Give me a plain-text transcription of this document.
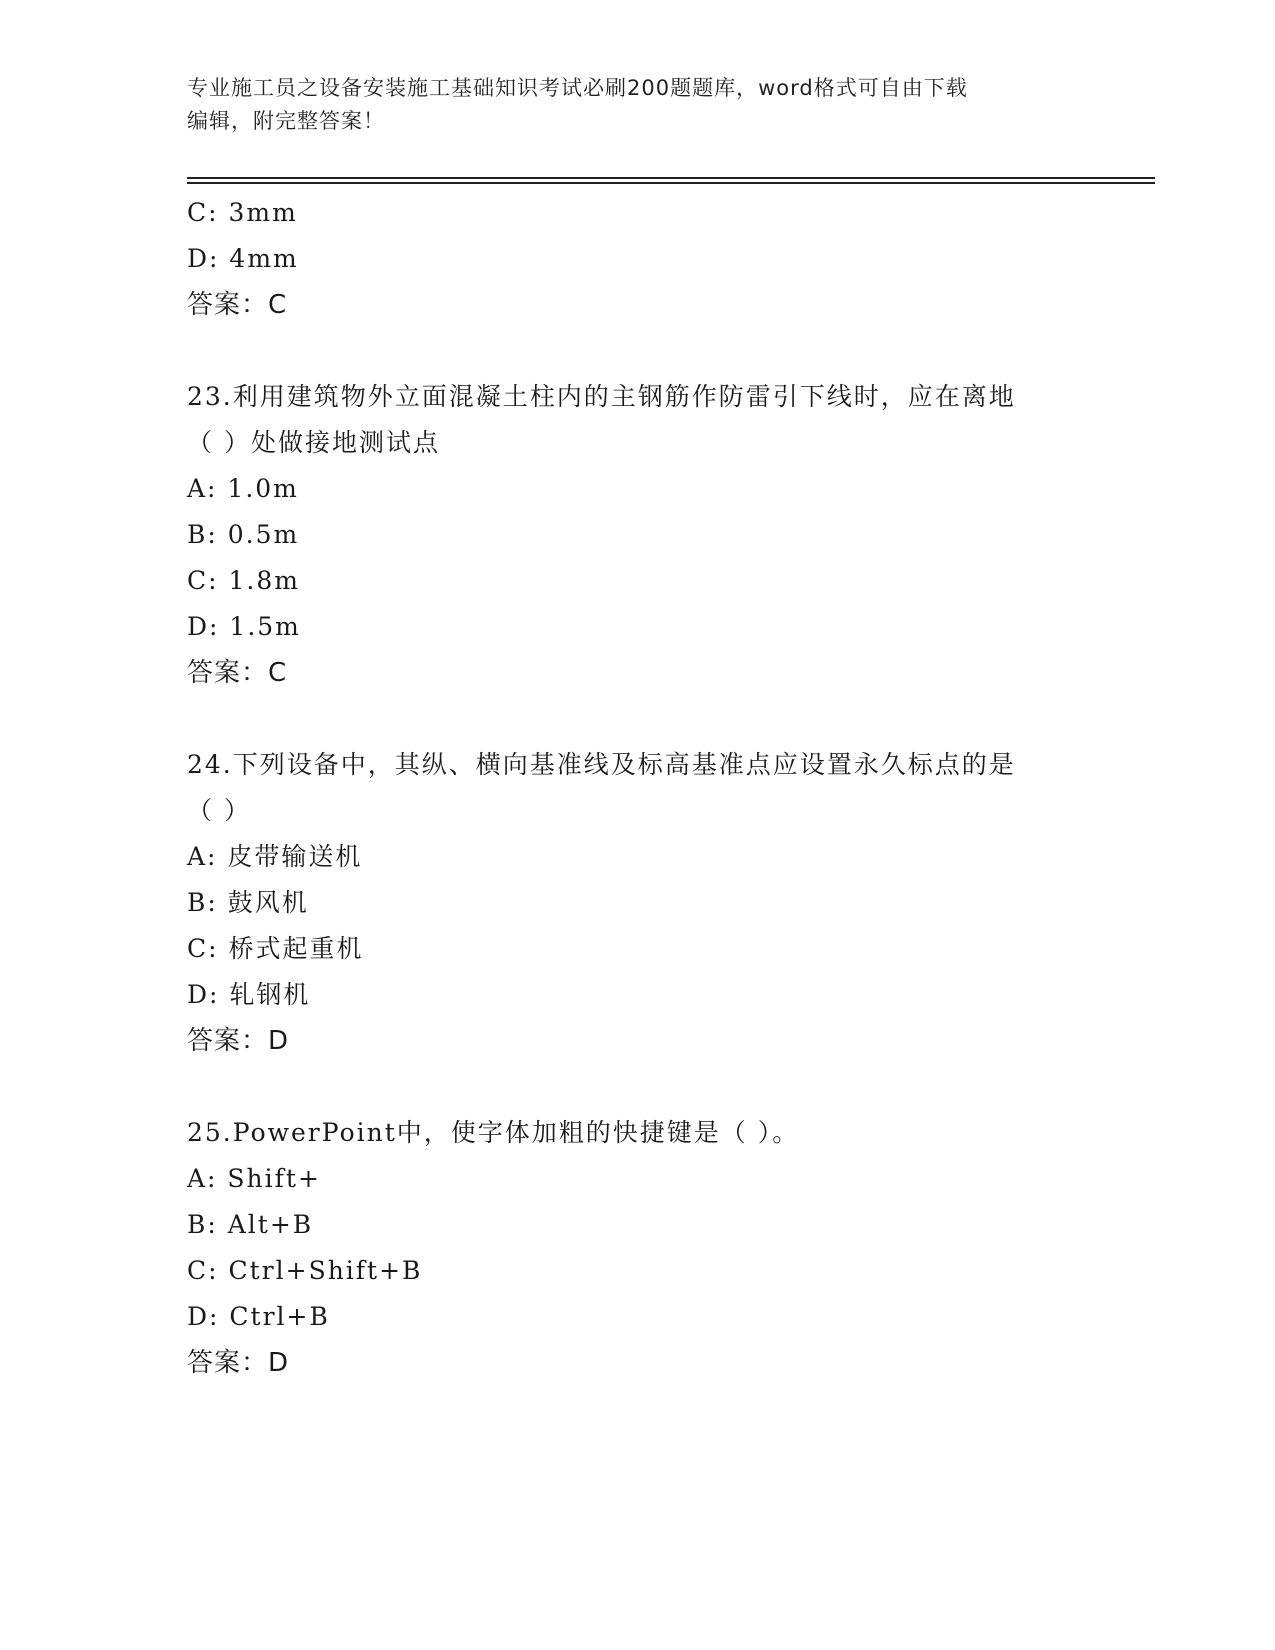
专业施工员之设备安装施工基础知识考试必刷200题题库，word格式可自由下载
编辑，附完整答案！
C: 3mm
D: 4mm
答案：C
23.利用建筑物外立面混凝土柱内的主钢筋作防雷引下线时，应在离地
（ ）处做接地测试点
A: 1.0m
B: 0.5m
C: 1.8m
D: 1.5m
答案：C
24.下列设备中，其纵、横向基准线及标高基准点应设置永久标点的是
（ ）
A: 皮带输送机
B: 鼓风机
C: 桥式起重机
D: 轧钢机
答案：D
25.PowerPoint中，使字体加粗的快捷键是（ ）。
A: Shift+
B: Alt+B
C: Ctrl+Shift+B
D: Ctrl+B
答案：D
